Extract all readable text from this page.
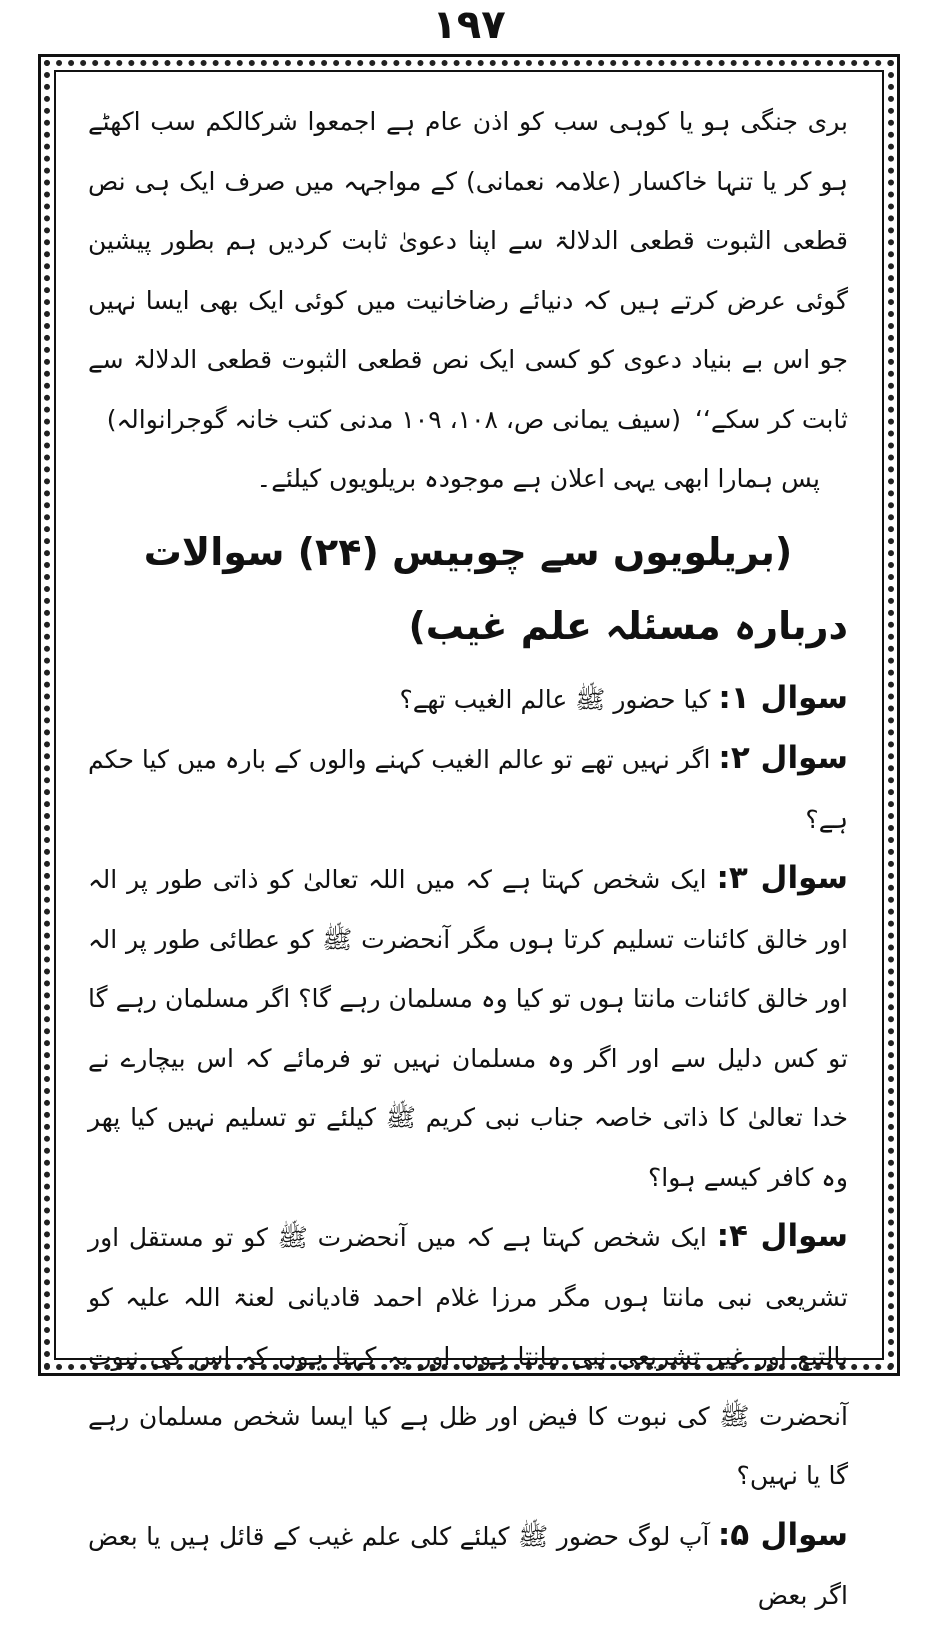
۱۹۷

بری جنگی ہو یا کوہی سب کو اذن عام ہے اجمعوا شرکالکم سب اکھٹے ہو کر یا تنہا خاکسار (علامہ نعمانی) کے مواجہہ میں صرف ایک ہی نص قطعی الثبوت قطعی الدلالۃ سے اپنا دعویٰ ثابت کردیں ہم بطور پیشین گوئی عرض کرتے ہیں کہ دنیائے رضاخانیت میں کوئی ایک بھی ایسا نہیں جو اس بے بنیاد دعوی کو کسی ایک نص قطعی الثبوت قطعی الدلالۃ سے ثابت کر سکے‘‘ (سیف یمانی ص، ۱۰۸، ۱۰۹ مدنی کتب خانہ گوجرانوالہ)

پس ہمارا ابھی یہی اعلان ہے موجودہ بریلویوں کیلئے۔

(بریلویوں سے چوبیس (۲۴) سوالات دربارہ مسئلہ علم غیب)

سوال ۱: کیا حضور ﷺ عالم الغیب تھے؟

سوال ۲: اگر نہیں تھے تو عالم الغیب کہنے والوں کے بارہ میں کیا حکم ہے؟

سوال ۳: ایک شخص کہتا ہے کہ میں اللہ تعالیٰ کو ذاتی طور پر الہ اور خالق کائنات تسلیم کرتا ہوں مگر آنحضرت ﷺ کو عطائی طور پر الہ اور خالق کائنات مانتا ہوں تو کیا وہ مسلمان رہے گا؟ اگر مسلمان رہے گا تو کس دلیل سے اور اگر وہ مسلمان نہیں تو فرمائے کہ اس بیچارے نے خدا تعالیٰ کا ذاتی خاصہ جناب نبی کریم ﷺ کیلئے تو تسلیم نہیں کیا پھر وہ کافر کیسے ہوا؟

سوال ۴: ایک شخص کہتا ہے کہ میں آنحضرت ﷺ کو تو مستقل اور تشریعی نبی مانتا ہوں مگر مرزا غلام احمد قادیانی لعنۃ اللہ علیہ کو بالتبع اور غیر تشریعی نبی مانتا ہوں اور یہ کہتا ہوں کہ اس کی نبوت آنحضرت ﷺ کی نبوت کا فیض اور ظل ہے کیا ایسا شخص مسلمان رہے گا یا نہیں؟

سوال ۵: آپ لوگ حضور ﷺ کیلئے کلی علم غیب کے قائل ہیں یا بعض اگر بعض
